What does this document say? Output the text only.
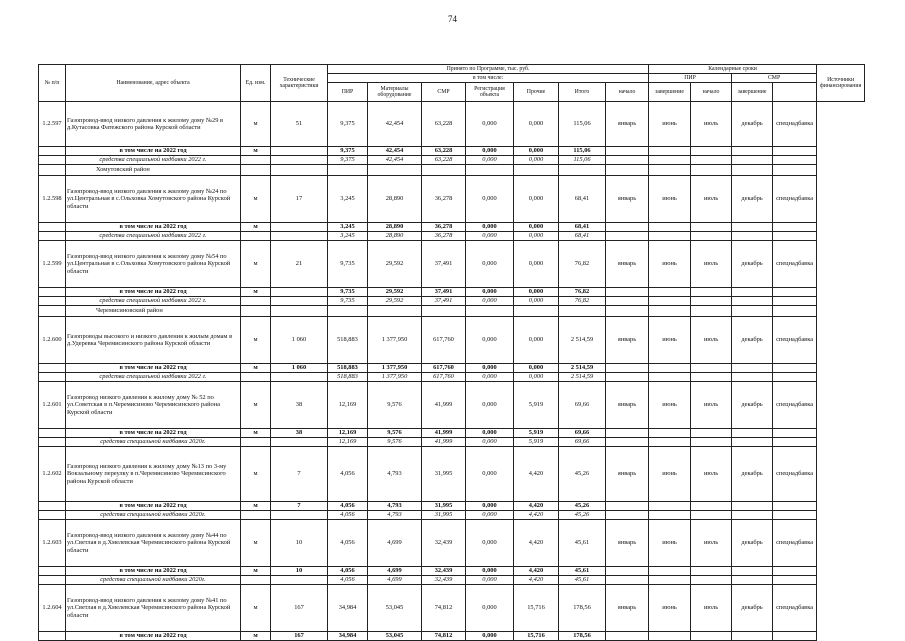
74
№ п/п	Наименование, адрес объекта	Ед. изм.	Технические характеристики	Принято по Программе, тыс. руб.							Календарные сроки				Источники финансирования
				в том числе:							ПИР		СМР		
				ПИР	Материалы оборудование	СМР	Регистрация объекта	Прочие	Итого	начало	завершение	начало	завершение		
1.2.597	Газопровод-ввод низкого давления к жилому дому №29 в д.Кутасовка Фатежского района Курской области	м	51	9,375	42,454	63,228	0,000	0,000	115,06	январь	июнь	июль	декабрь	спецнадбавка	
	в том числе на 2022 год	м		9,375	42,454	63,228	0,000	0,000	115,06						
	средства специальной надбавки 2022 г.			9,375	42,454	63,228	0,000	0,000	115,06						
	Хомутовский район														
1.2.598	Газопровод-ввод низкого давления к жилому дому №24 по ул.Центральная в с.Ольховка Хомутовского района Курской области	м	17	3,245	28,890	36,278	0,000	0,000	68,41	январь	июнь	июль	декабрь	спецнадбавка	
	в том числе на 2022 год	м		3,245	28,890	36,278	0,000	0,000	68,41						
	средства специальной надбавки 2022 г.			3,245	28,890	36,278	0,000	0,000	68,41						
1.2.599	Газопровод-ввод низкого давления к жилому дому №54 по ул.Центральная в с.Ольховка Хомутовского района Курской области	м	21	9,735	29,592	37,491	0,000	0,000	76,82	январь	июнь	июль	декабрь	спецнадбавка	
	в том числе на 2022 год	м		9,735	29,592	37,491	0,000	0,000	76,82						
	средства специальной надбавки 2022 г.			9,735	29,592	37,491	0,000	0,000	76,82						
	Черемисиновский район														
1.2.600	Газопроводы высокого и низкого давления к жилым домам в д.Удеревка Черемисинского района Курской области	м	1 060	518,883	1 377,950	617,760	0,000	0,000	2 514,59	январь	июнь	июль	декабрь	спецнадбавка	
	в том числе на 2022 год	м	1 060	518,883	1 377,950	617,760	0,000	0,000	2 514,59						
	средства специальной надбавки 2022 г.			518,883	1 377,950	617,760	0,000	0,000	2 514,59						
1.2.601	Газопровод низкого давления к жилому дому № 52 по ул.Советская в п.Черемисиново Черемисинского района Курской области	м	38	12,169	9,576	41,999	0,000	5,919	69,66	январь	июнь	июль	декабрь	спецнадбавка	
	в том числе на 2022 год	м	38	12,169	9,576	41,999	0,000	5,919	69,66						
	средства специальной надбавки 2020г.			12,169	9,576	41,999	0,000	5,919	69,66						
1.2.602	Газопровод низкого давления к жилому дому №13 по 3-му Вокзальному переулку в п.Черемисиново Черемисинского района Курской области	м	7	4,056	4,793	31,995	0,000	4,420	45,26	январь	июнь	июль	декабрь	спецнадбавка	
	в том числе на 2022 год	м	7	4,056	4,793	31,995	0,000	4,420	45,26						
	средства специальной надбавки 2020г.			4,056	4,793	31,995	0,000	4,420	45,26						
1.2.603	Газопровод-ввод низкого давления к жилому дому №44 по ул.Светлая в д.Хмелевская Черемисинского района Курской области	м	10	4,056	4,699	32,439	0,000	4,420	45,61	январь	июнь	июль	декабрь	спецнадбавка	
	в том числе на 2022 год	м	10	4,056	4,699	32,439	0,000	4,420	45,61						
	средства специальной надбавки 2020г.			4,056	4,699	32,439	0,000	4,420	45,61						
1.2.604	Газопровод-ввод низкого давления к жилому дому №41 по ул.Светлая в д.Хмелевская Черемисинского района Курской области	м	167	34,984	53,045	74,812	0,000	15,716	178,56	январь	июнь	июль	декабрь	спецнадбавка	
	в том числе на 2022 год	м	167	34,984	53,045	74,812	0,000	15,716	178,56						
